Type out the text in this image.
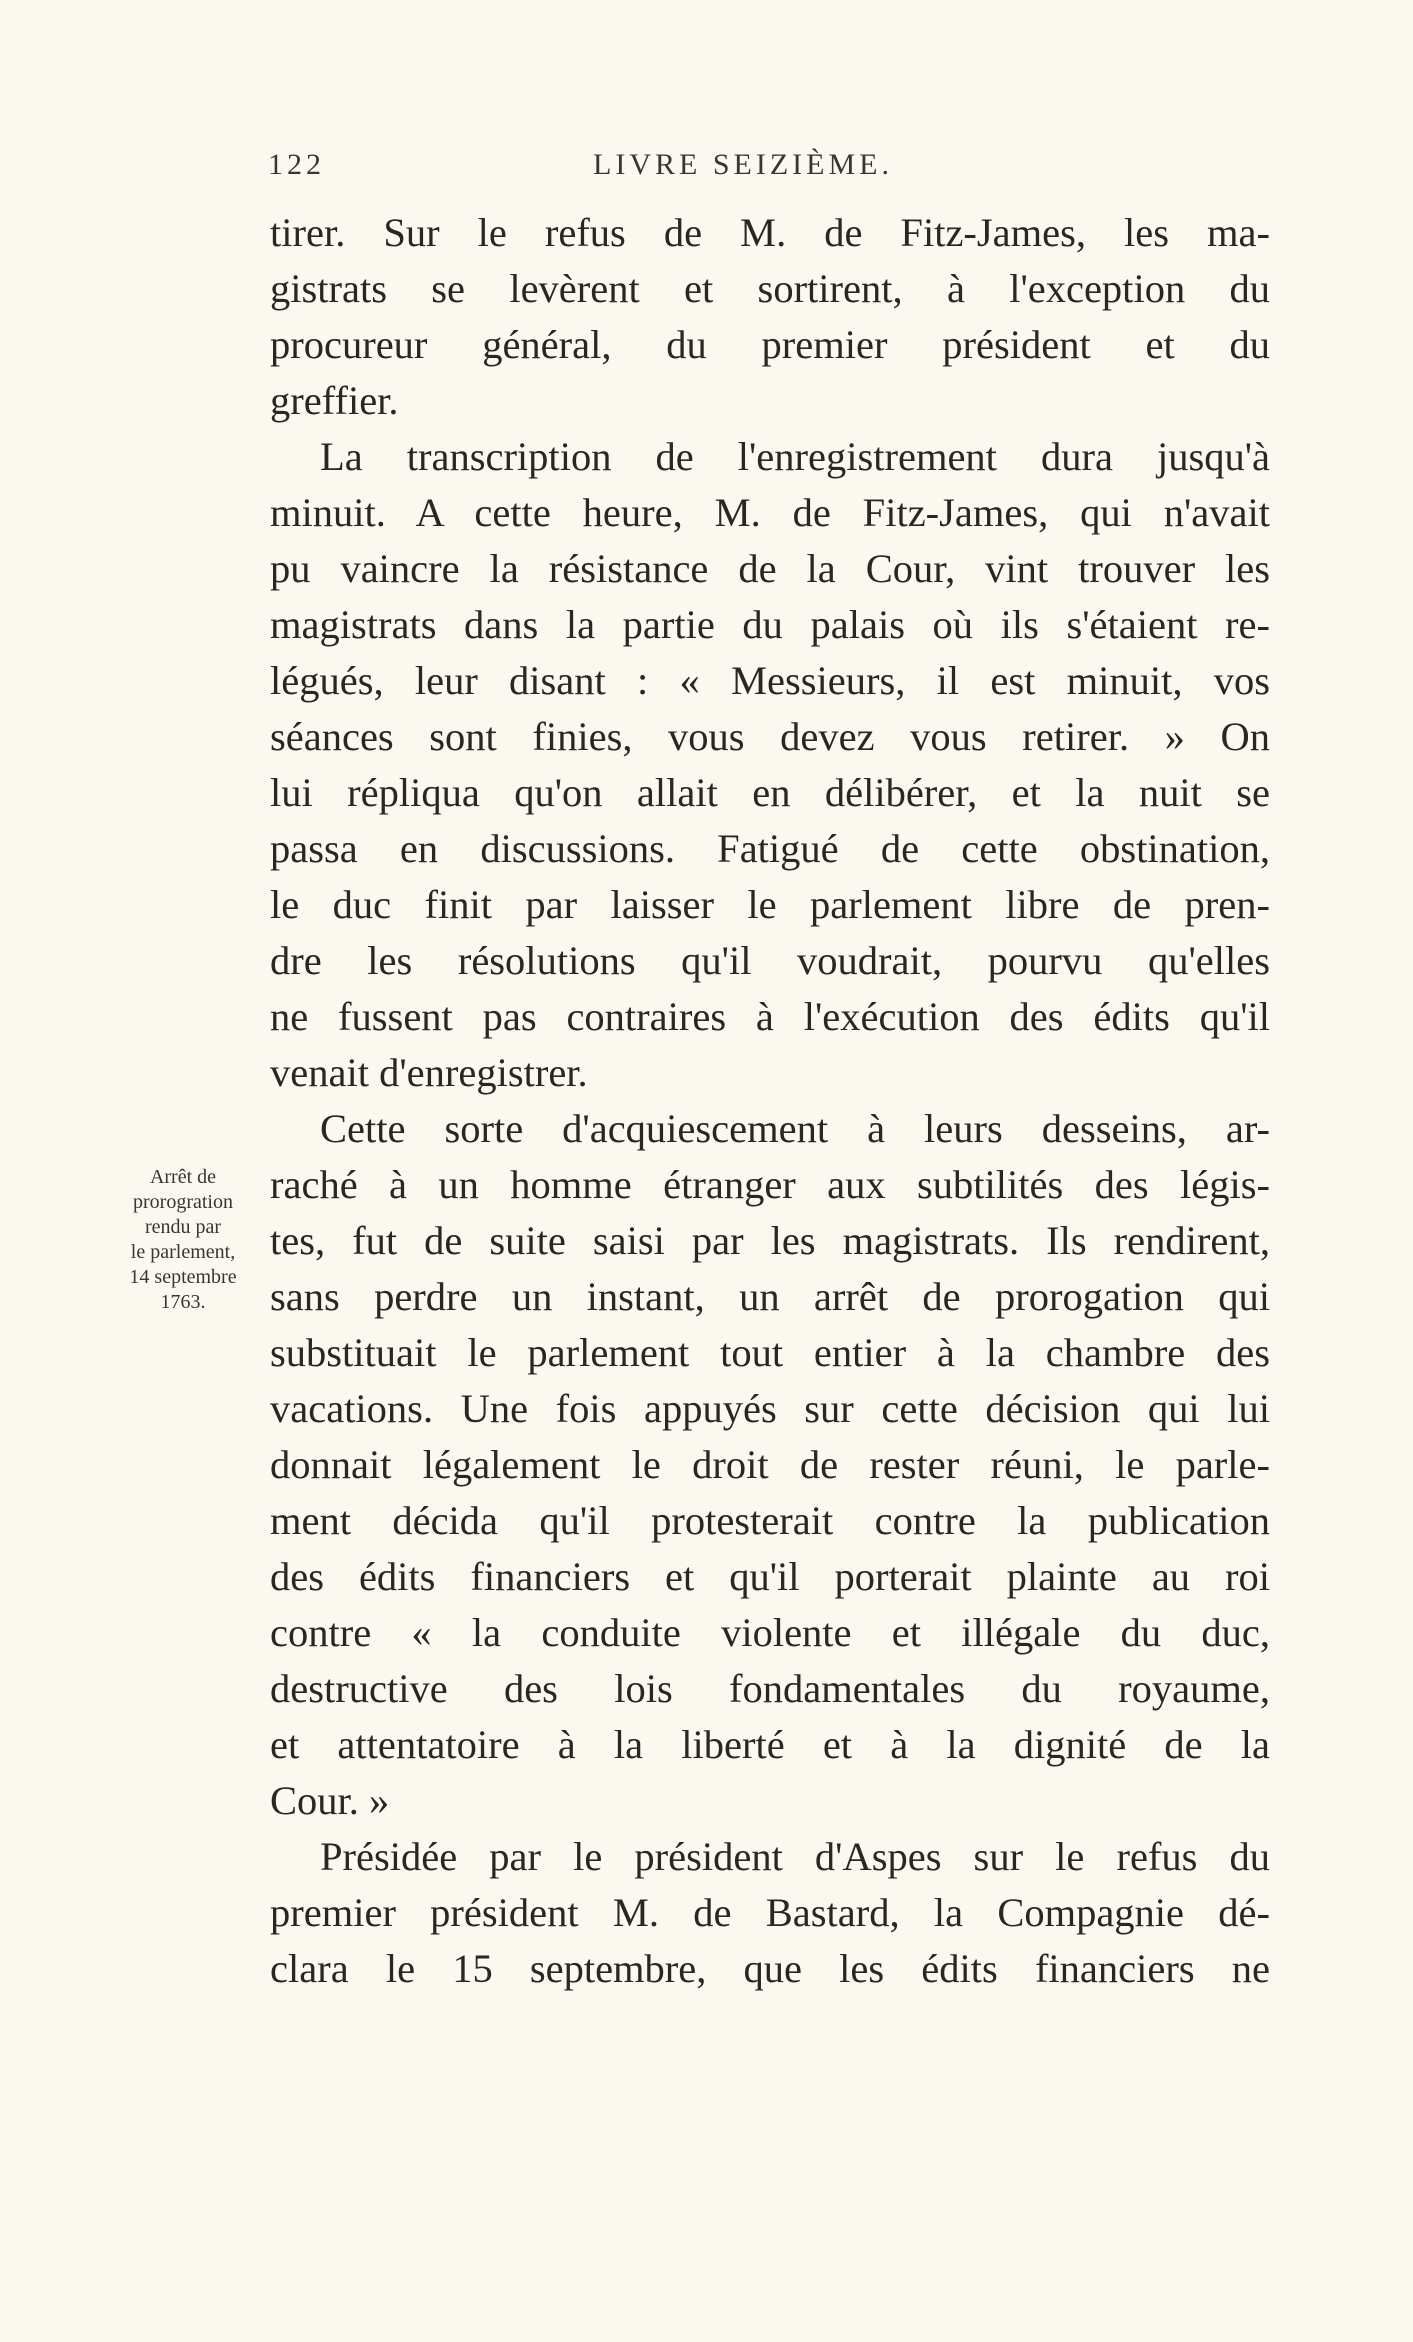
122	LIVRE SEIZIÈME.
Arrêt de
prorogration
rendu par
le parlement,
14 septembre
1763.
tirer. Sur le refus de M. de Fitz-James, les ma-
gistrats se levèrent et sortirent, à l'exception du
procureur général, du premier président et du
greffier.
La transcription de l'enregistrement dura jusqu'à
minuit. A cette heure, M. de Fitz-James, qui n'avait
pu vaincre la résistance de la Cour, vint trouver les
magistrats dans la partie du palais où ils s'étaient re-
légués, leur disant : « Messieurs, il est minuit, vos
séances sont finies, vous devez vous retirer. » On
lui répliqua qu'on allait en délibérer, et la nuit se
passa en discussions. Fatigué de cette obstination,
le duc finit par laisser le parlement libre de pren-
dre les résolutions qu'il voudrait, pourvu qu'elles
ne fussent pas contraires à l'exécution des édits qu'il
venait d'enregistrer.
Cette sorte d'acquiescement à leurs desseins, ar-
raché à un homme étranger aux subtilités des légis-
tes, fut de suite saisi par les magistrats. Ils rendirent,
sans perdre un instant, un arrêt de prorogation qui
substituait le parlement tout entier à la chambre des
vacations. Une fois appuyés sur cette décision qui lui
donnait légalement le droit de rester réuni, le parle-
ment décida qu'il protesterait contre la publication
des édits financiers et qu'il porterait plainte au roi
contre « la conduite violente et illégale du duc,
destructive des lois fondamentales du royaume,
et attentatoire à la liberté et à la dignité de la
Cour. »
Présidée par le président d'Aspes sur le refus du
premier président M. de Bastard, la Compagnie dé-
clara le 15 septembre, que les édits financiers ne
